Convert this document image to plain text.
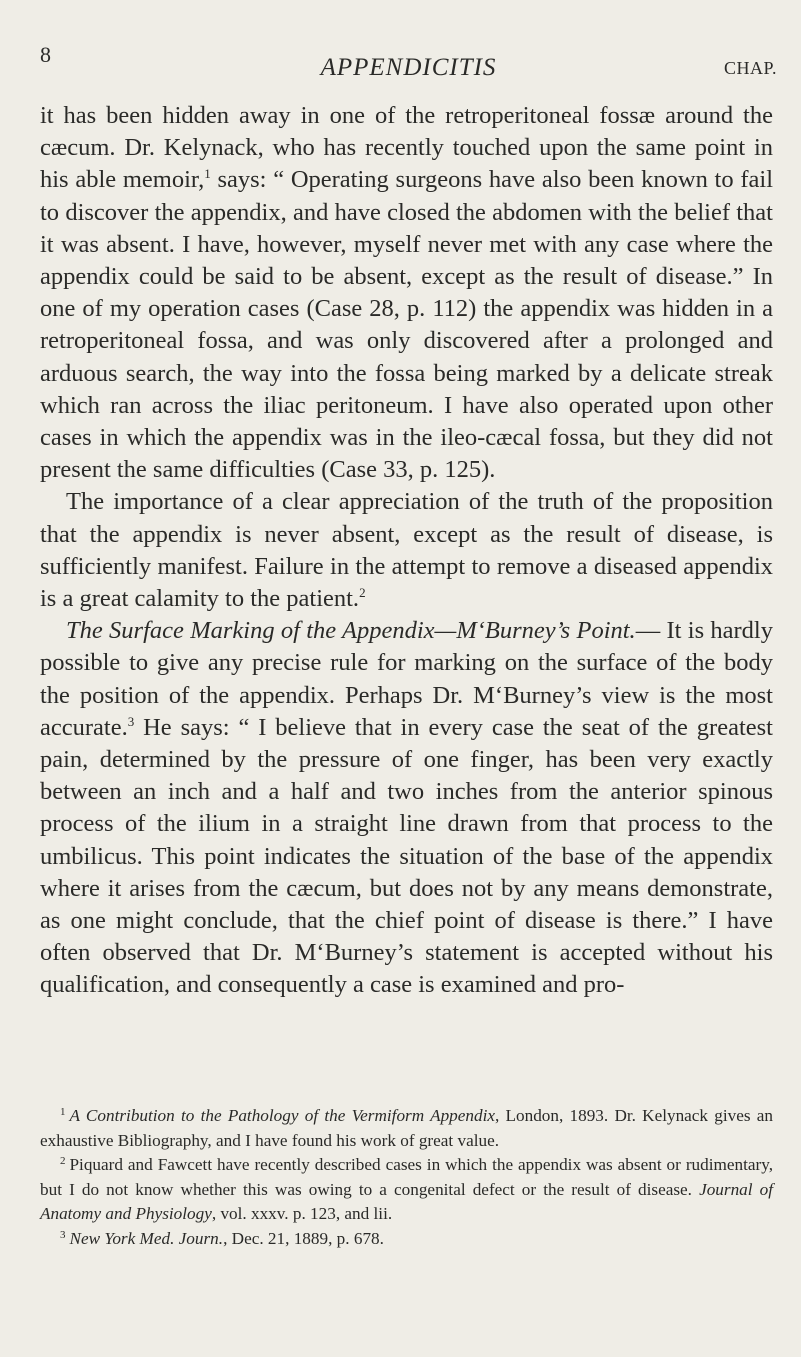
8	APPENDICITIS	CHAP.

it has been hidden away in one of the retroperitoneal fossæ around the cæcum. Dr. Kelynack, who has recently touched upon the same point in his able memoir,$^1$ says: “ Operating surgeons have also been known to fail to discover the appendix, and have closed the abdomen with the belief that it was absent. I have, however, myself never met with any case where the appendix could be said to be absent, except as the result of disease.” In one of my operation cases (Case 28, p. 112) the appendix was hidden in a retroperitoneal fossa, and was only discovered after a prolonged and arduous search, the way into the fossa being marked by a delicate streak which ran across the iliac peritoneum. I have also operated upon other cases in which the appendix was in the ileo-cæcal fossa, but they did not present the same difficulties (Case 33, p. 125).

The importance of a clear appreciation of the truth of the proposition that the appendix is never absent, except as the result of disease, is sufficiently manifest. Failure in the attempt to remove a diseased appendix is a great calamity to the patient.$^2$

The Surface Marking of the Appendix—M‘Burney’s Point.— It is hardly possible to give any precise rule for marking on the surface of the body the position of the appendix. Perhaps Dr. M‘Burney’s view is the most accurate.$^3$ He says: “ I believe that in every case the seat of the greatest pain, determined by the pressure of one finger, has been very exactly between an inch and a half and two inches from the anterior spinous process of the ilium in a straight line drawn from that process to the umbilicus. This point indicates the situation of the base of the appendix where it arises from the cæcum, but does not by any means demonstrate, as one might conclude, that the chief point of disease is there.” I have often observed that Dr. M‘Burney’s statement is accepted without his qualification, and consequently a case is examined and pro-

$^1$ A Contribution to the Pathology of the Vermiform Appendix, London, 1893. Dr. Kelynack gives an exhaustive Bibliography, and I have found his work of great value.

$^2$ Piquard and Fawcett have recently described cases in which the appendix was absent or rudimentary, but I do not know whether this was owing to a congenital defect or the result of disease. Journal of Anatomy and Physiology, vol. xxxv. p. 123, and lii.

$^3$ New York Med. Journ., Dec. 21, 1889, p. 678.
